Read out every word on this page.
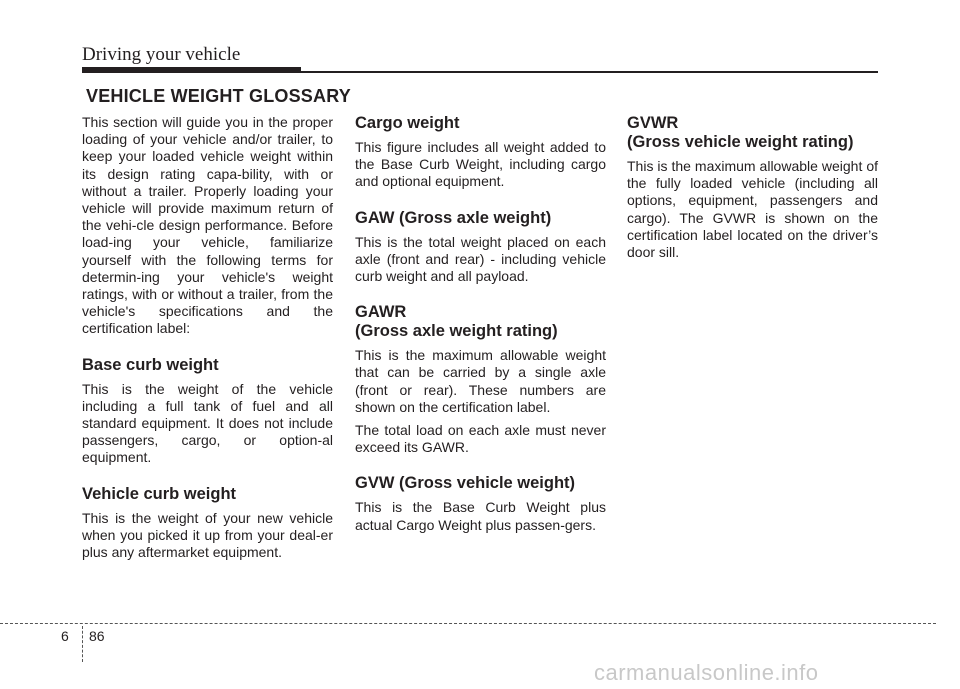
Driving your vehicle
VEHICLE WEIGHT GLOSSARY

This section will guide you in the proper loading of your vehicle and/or trailer, to keep your loaded vehicle weight within its design rating capa-bility, with or without a trailer. Properly loading your vehicle will provide maximum return of the vehi-cle design performance. Before load-ing your vehicle, familiarize yourself with the following terms for determin-ing your vehicle's weight ratings, with or without a trailer, from the vehicle's specifications and the certification label:

Base curb weight

This is the weight of the vehicle including a full tank of fuel and all standard equipment. It does not include passengers, cargo, or option-al equipment.

Vehicle curb weight

This is the weight of your new vehicle when you picked it up from your deal-er plus any aftermarket equipment.

Cargo weight

This figure includes all weight added to the Base Curb Weight, including cargo and optional equipment.

GAW (Gross axle weight)

This is the total weight placed on each axle (front and rear) - including vehicle curb weight and all payload.

GAWR
(Gross axle weight rating)

This is the maximum allowable weight that can be carried by a single axle (front or rear). These numbers are shown on the certification label.

The total load on each axle must never exceed its GAWR.

GVW (Gross vehicle weight)

This is the Base Curb Weight plus actual Cargo Weight plus passen-gers.

GVWR
(Gross vehicle weight rating)

This is the maximum allowable weight of the fully loaded vehicle (including all options, equipment, passengers and cargo). The GVWR is shown on the certification label located on the driver’s door sill.

6 86
carmanualsonline.info
